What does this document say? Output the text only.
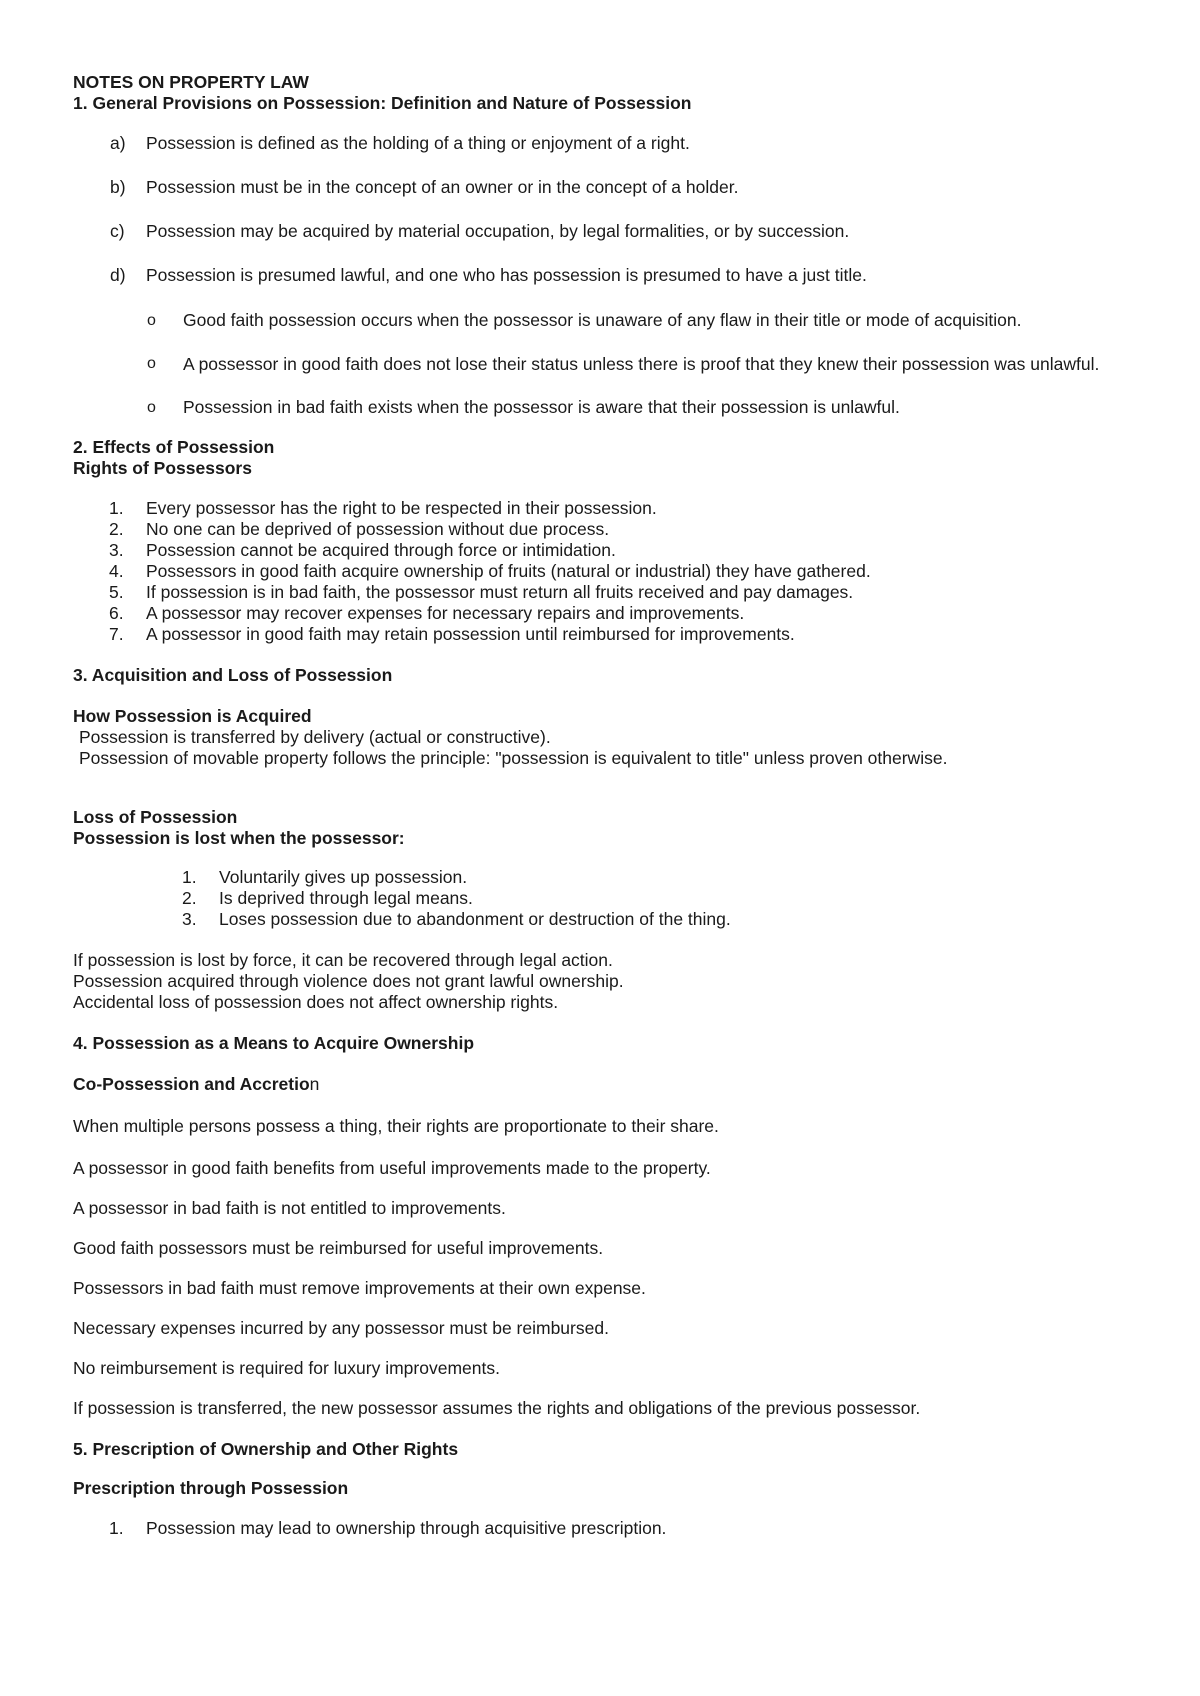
NOTES ON PROPERTY LAW
1. General Provisions on Possession: Definition and Nature of Possession
a) Possession is defined as the holding of a thing or enjoyment of a right.
b) Possession must be in the concept of an owner or in the concept of a holder.
c) Possession may be acquired by material occupation, by legal formalities, or by succession.
d) Possession is presumed lawful, and one who has possession is presumed to have a just title.
o Good faith possession occurs when the possessor is unaware of any flaw in their title or mode of acquisition.
o A possessor in good faith does not lose their status unless there is proof that they knew their possession was unlawful.
o Possession in bad faith exists when the possessor is aware that their possession is unlawful.
2. Effects of Possession
Rights of Possessors
1. Every possessor has the right to be respected in their possession.
2. No one can be deprived of possession without due process.
3. Possession cannot be acquired through force or intimidation.
4. Possessors in good faith acquire ownership of fruits (natural or industrial) they have gathered.
5. If possession is in bad faith, the possessor must return all fruits received and pay damages.
6. A possessor may recover expenses for necessary repairs and improvements.
7. A possessor in good faith may retain possession until reimbursed for improvements.
3. Acquisition and Loss of Possession
How Possession is Acquired
Possession is transferred by delivery (actual or constructive).
Possession of movable property follows the principle: "possession is equivalent to title" unless proven otherwise.
Loss of Possession
Possession is lost when the possessor:
1. Voluntarily gives up possession.
2. Is deprived through legal means.
3. Loses possession due to abandonment or destruction of the thing.
If possession is lost by force, it can be recovered through legal action.
Possession acquired through violence does not grant lawful ownership.
Accidental loss of possession does not affect ownership rights.
4. Possession as a Means to Acquire Ownership
Co-Possession and Accretion

When multiple persons possess a thing, their rights are proportionate to their share.

A possessor in good faith benefits from useful improvements made to the property.

A possessor in bad faith is not entitled to improvements.

Good faith possessors must be reimbursed for useful improvements.

Possessors in bad faith must remove improvements at their own expense.

Necessary expenses incurred by any possessor must be reimbursed.

No reimbursement is required for luxury improvements.

If possession is transferred, the new possessor assumes the rights and obligations of the previous possessor.

5. Prescription of Ownership and Other Rights
Prescription through Possession
1. Possession may lead to ownership through acquisitive prescription.
